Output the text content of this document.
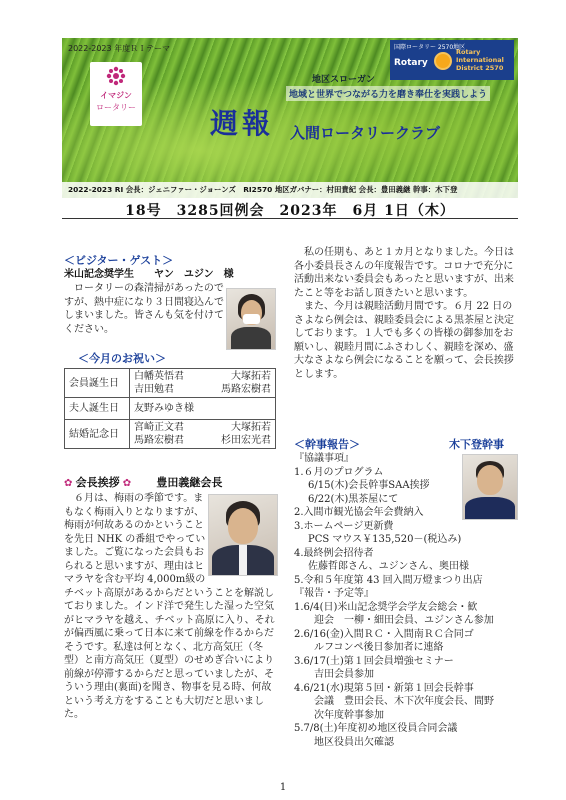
2022-2023 年度ＲＩテーマ
イマジン
ロータリー
国際ロータリー 2570地区
Rotary
Rotary
International
District 2570
地区スローガン
地域と世界でつながる力を磨き奉仕を実践しよう
週報 入間ロータリークラブ
2022-2023 RI 会長：ジェニファー・ジョーンズ　RI2570 地区ガバナー：村田貴紀 会長：豊田義継 幹事：木下登
18号　3285回例会　2023年　6月 1日（木）
＜ビジター・ゲスト＞
米山記念奨学生　　ヤン　ユジン　様
ロータリーの森清掃があったのですが、熱中症になり３日間寝込んでしまいました。皆さんも気を付けてください。
＜今月のお祝い＞
会員誕生日	白幡英悟君 大塚拓若
吉田勉君 馬路宏樹君

夫人誕生日	友野みゆき様

結婚記念日	宮崎正文君 大塚拓若
馬路宏樹君 杉田宏光君
✿ 会長挨拶 ✿ 豊田義継会長
６月は、梅雨の季節です。まもなく梅雨入りとなりますが、梅雨が何故あるのかということを先日 NHK の番組でやっていました。ご覧になった会員もおられると思いますが、理由はヒマラヤを含む平均 4,000m級のチベット高原があるからだということを解説しておりました。インド洋で発生した湿った空気がヒマラヤを越え、チベット高原に入り、それが偏西風に乗って日本に来て前線を作るからだそうです。私達は何となく、北方高気圧（冬型）と南方高気圧（夏型）のせめぎ合いにより前線が停滞するからだと思っていましたが、そういう理由(裏面)を聞き、物事を見る時、何故という考え方をすることも大切だと思いました。
私の任期も、あと１カ月となりました。今日は各小委員長さんの年度報告です。コロナで充分に活動出来ない委員会もあったと思いますが、出来たこと等をお話し頂きたいと思います。
また、今月は親睦活動月間です。６月 22 日のさよなら例会は、親睦委員会による黒茶屋と決定しております。１人でも多くの皆様の御参加をお願いし、親睦月間にふさわしく、親睦を深め、盛大なさよなら例会になることを願って、会長挨拶とします。
＜幹事報告＞	木下登幹事
『協議事項』
1.６月のプログラム
6/15(木)会長幹事SAA挨拶
6/22(木)黒茶屋にて
2.入間市観光協会年会費納入
3.ホームページ更新費
PCS マウス￥135,520－(税込み)
4.最終例会招待者
佐藤哲郎さん、ユジンさん、奥田様
5.令和５年度第 43 回入間万燈まつり出店
『報告・予定等』
1.6/4(日)米山記念奨学会学友会総会・歓
迎会　一柳・細田会員、ユジンさん参加
2.6/16(金)入間ＲＣ・入間南ＲＣ合同ゴ
ルフコンペ後日参加者に連絡
3.6/17(土)第１回会員増強セミナー
吉田会員参加
4.6/21(水)現第５回・新第１回会長幹事
会議　豊田会長、木下次年度会長、間野
次年度幹事参加
5.7/8(土)年度初め地区役員合同会議
地区役員出欠確認
1
